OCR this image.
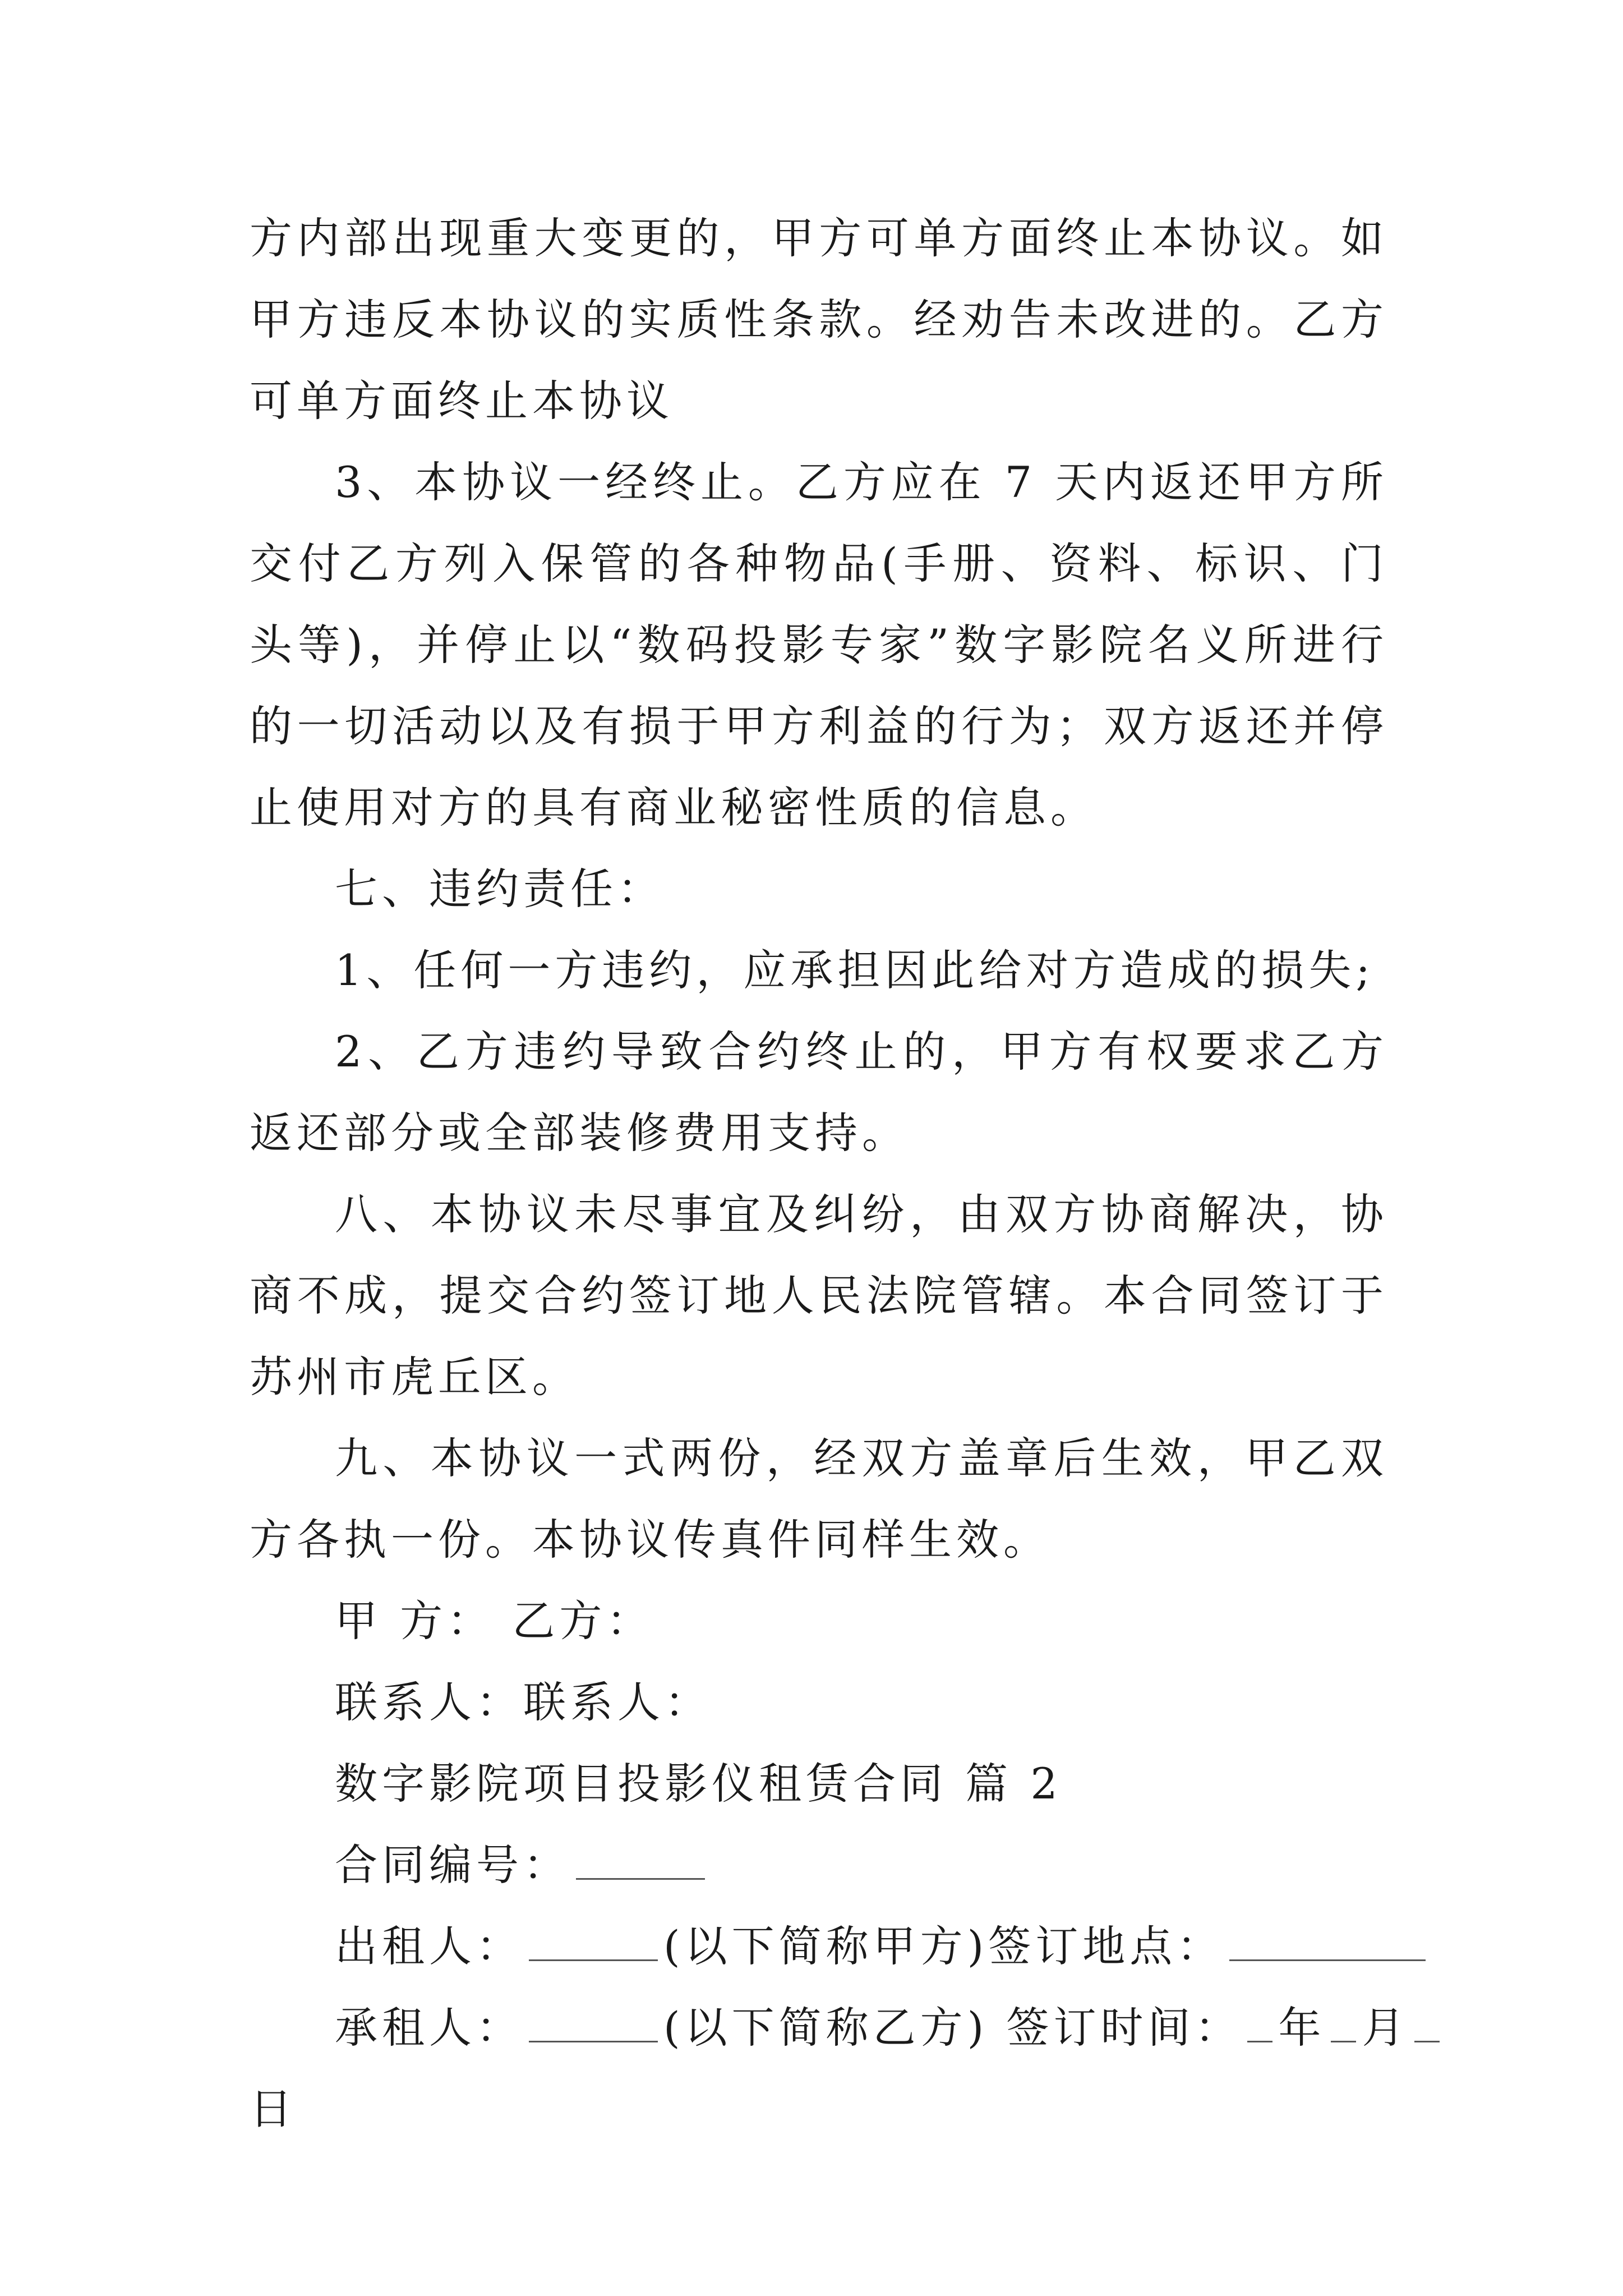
方内部出现重大变更的，甲方可单方面终止本协议。如甲方违反本协议的实质性条款。经劝告未改进的。乙方可单方面终止本协议

3、本协议一经终止。乙方应在 7 天内返还甲方所交付乙方列入保管的各种物品(手册、资料、标识、门头等)，并停止以“数码投影专家”数字影院名义所进行的一切活动以及有损于甲方利益的行为；双方返还并停止使用对方的具有商业秘密性质的信息。

七、违约责任：

1、任何一方违约，应承担因此给对方造成的损失;

2、乙方违约导致合约终止的，甲方有权要求乙方返还部分或全部装修费用支持。

八、本协议未尽事宜及纠纷，由双方协商解决，协商不成，提交合约签订地人民法院管辖。本合同签订于苏州市虎丘区。

九、本协议一式两份，经双方盖章后生效，甲乙双方各执一份。本协议传真件同样生效。

甲 方： 乙方：
联系人：联系人：
数字影院项目投影仪租赁合同 篇 2
合同编号：
出租人：	(以下简称甲方)签订地点：
承租人：	(以下简称乙方) 签订时间： 年 月
日
